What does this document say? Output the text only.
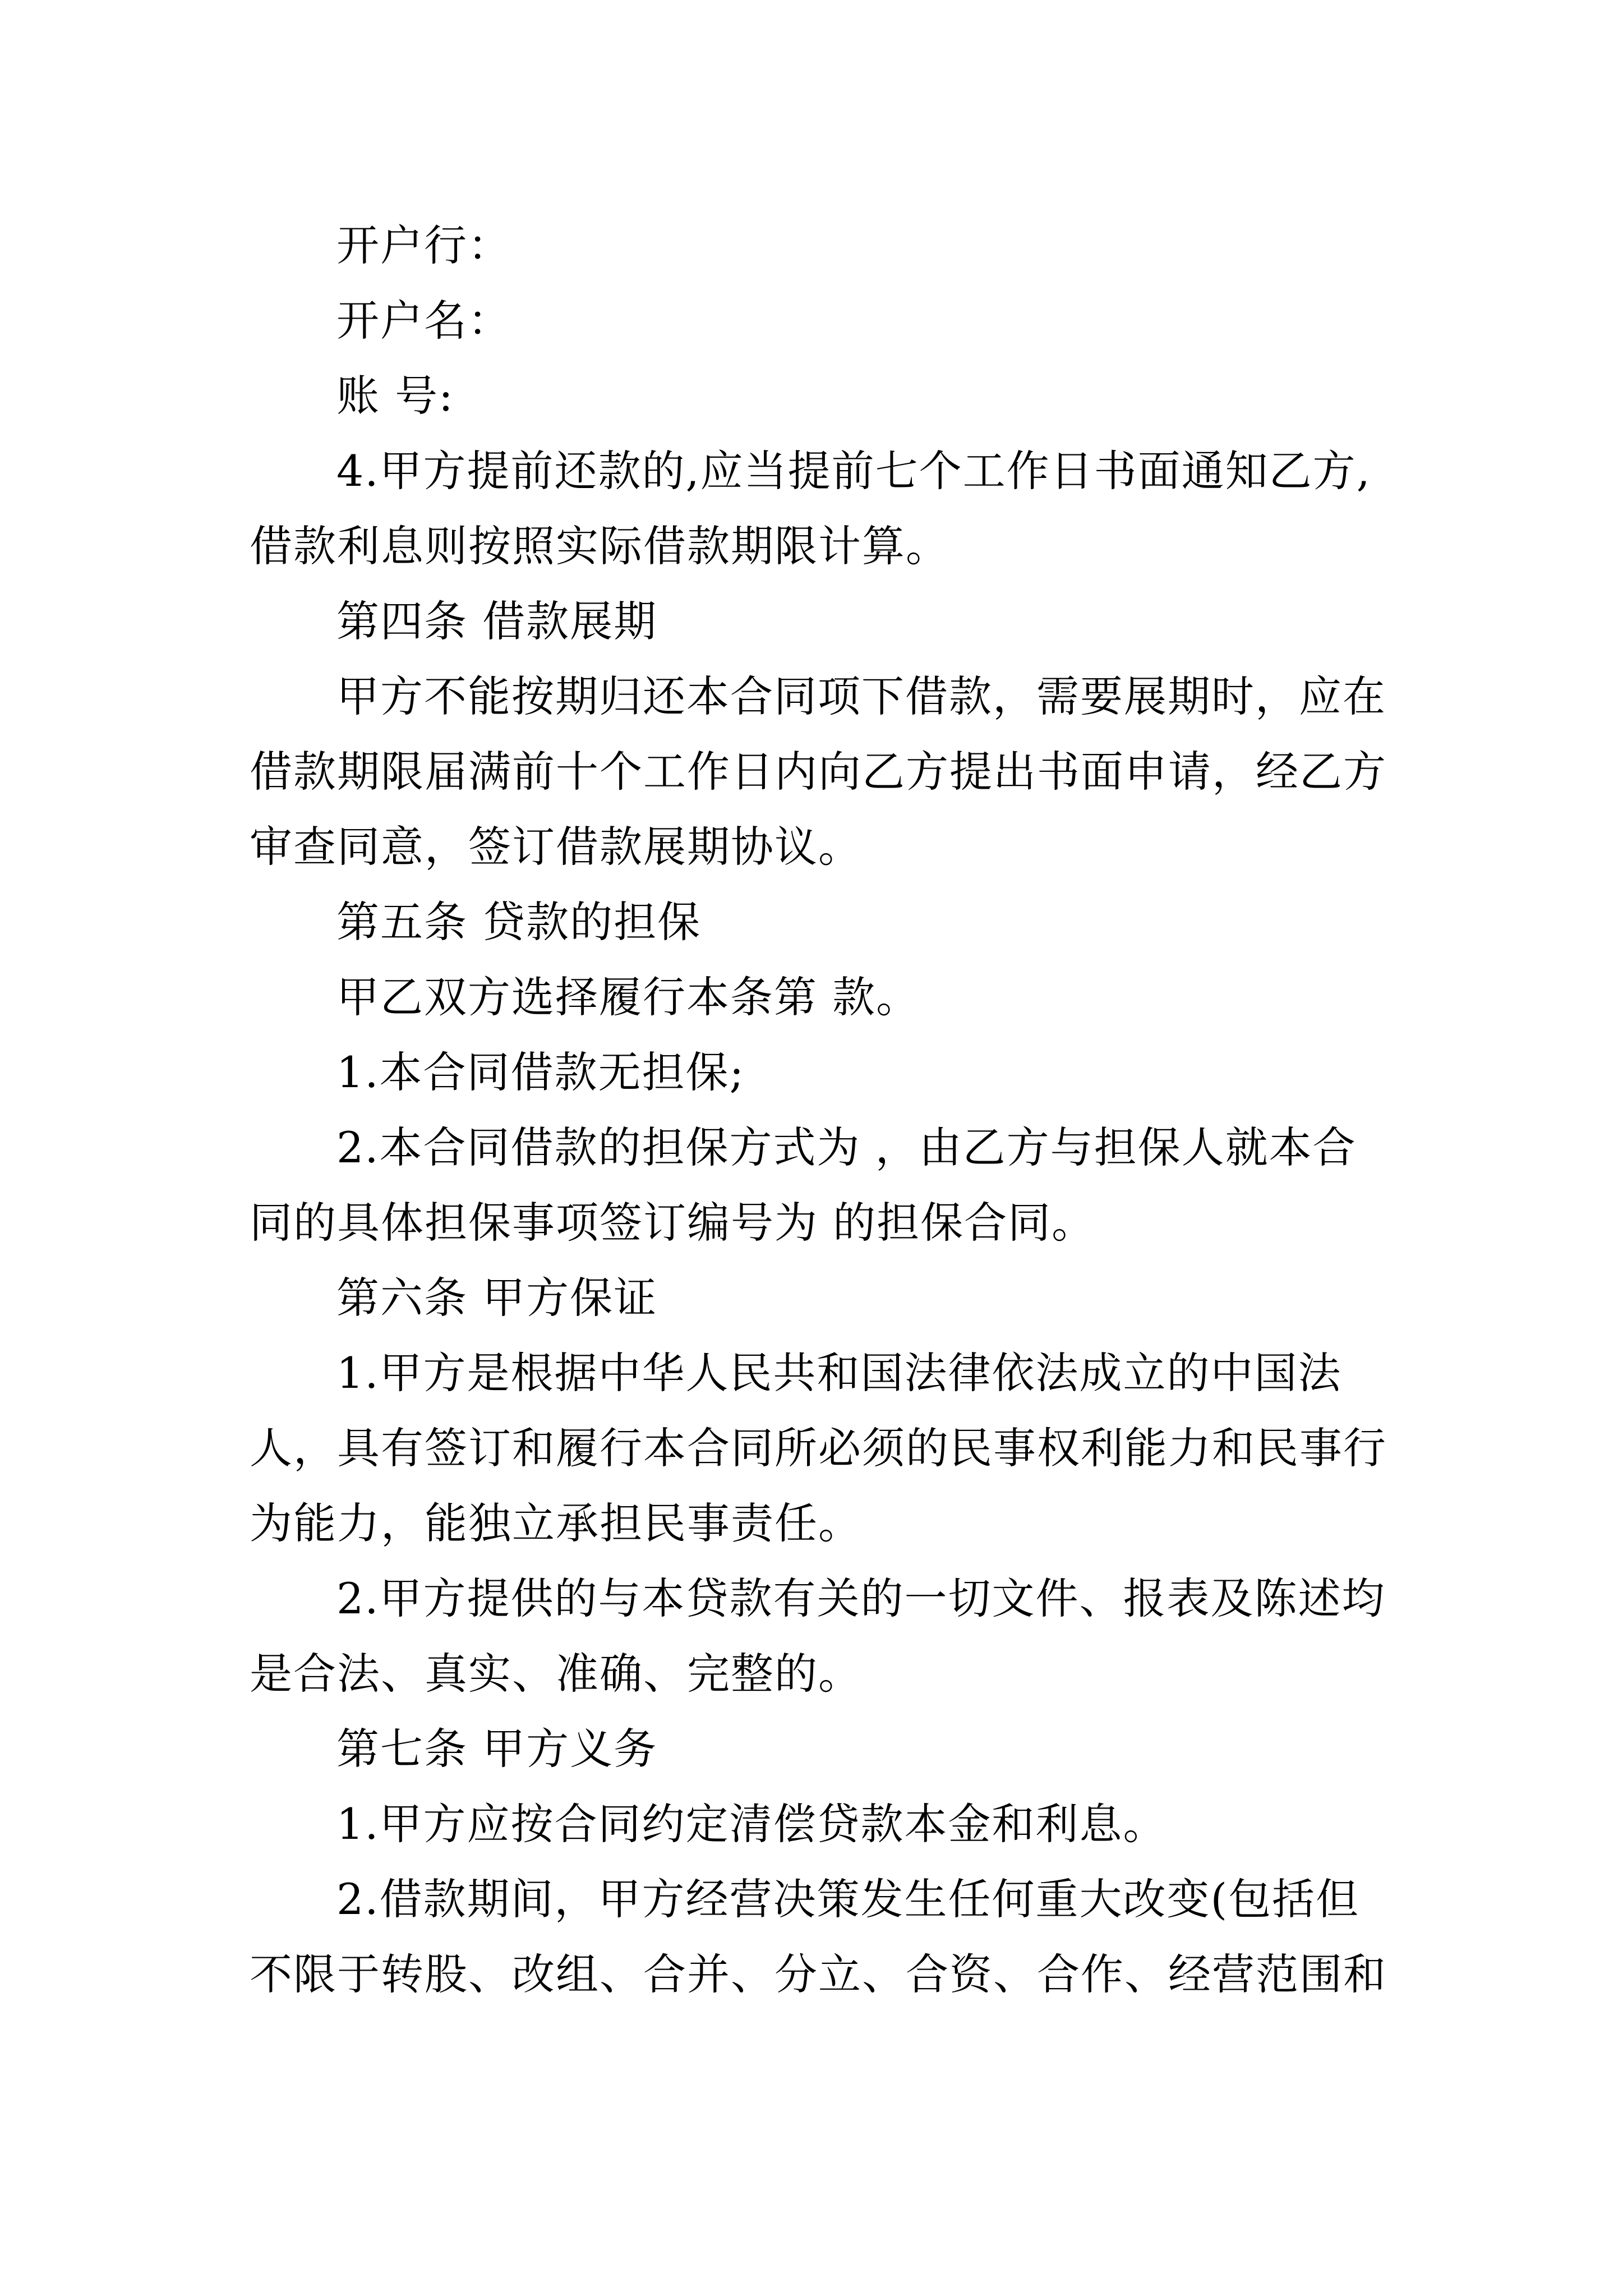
开户行：
开户名：
账 号:
4.甲方提前还款的,应当提前七个工作日书面通知乙方,
借款利息则按照实际借款期限计算。
第四条 借款展期
甲方不能按期归还本合同项下借款，需要展期时，应在
借款期限届满前十个工作日内向乙方提出书面申请，经乙方
审查同意，签订借款展期协议。
第五条 贷款的担保
甲乙双方选择履行本条第 款。
1.本合同借款无担保;
2.本合同借款的担保方式为 ，由乙方与担保人就本合
同的具体担保事项签订编号为 的担保合同。
第六条 甲方保证
1.甲方是根据中华人民共和国法律依法成立的中国法
人，具有签订和履行本合同所必须的民事权利能力和民事行
为能力，能独立承担民事责任。
2.甲方提供的与本贷款有关的一切文件、报表及陈述均
是合法、真实、准确、完整的。
第七条 甲方义务
1.甲方应按合同约定清偿贷款本金和利息。
2.借款期间，甲方经营决策发生任何重大改变(包括但
不限于转股、改组、合并、分立、合资、合作、经营范围和
